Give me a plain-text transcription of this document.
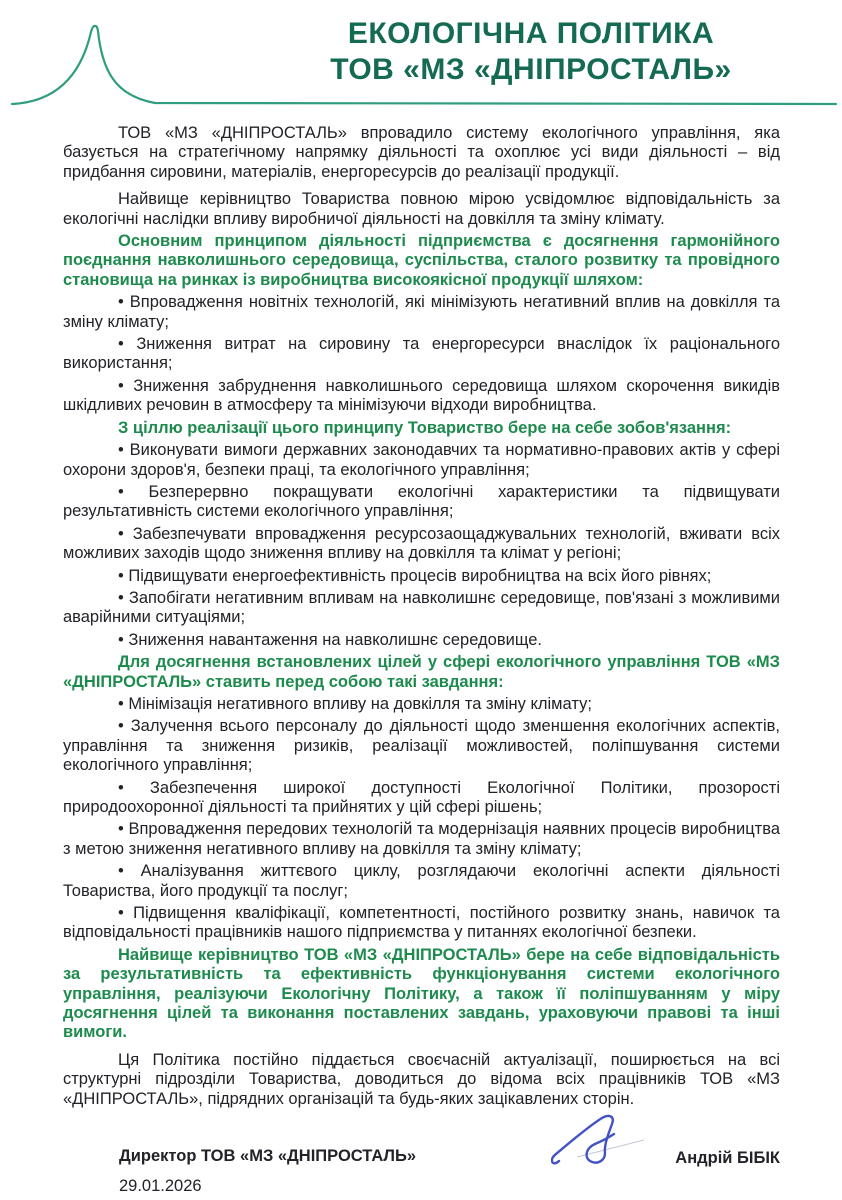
ЕКОЛОГІЧНА ПОЛІТИКА
ТОВ «МЗ «ДНІПРОСТАЛЬ»

ТОВ «МЗ «ДНІПРОСТАЛЬ» впровадило систему екологічного управління, яка базується на стратегічному напрямку діяльності та охоплює усі види діяльності – від придбання сировини, матеріалів, енергоресурсів до реалізації продукції.

Найвище керівництво Товариства повною мірою усвідомлює відповідальність за екологічні наслідки впливу виробничої діяльності на довкілля та зміну клімату.

Основним принципом діяльності підприємства є досягнення гармонійного поєднання навколишнього середовища, суспільства, сталого розвитку та провідного становища на ринках із виробництва високоякісної продукції шляхом:

• Впровадження новітніх технологій, які мінімізують негативний вплив на довкілля та зміну клімату;

• Зниження витрат на сировину та енергоресурси внаслідок їх раціонального використання;

• Зниження забруднення навколишнього середовища шляхом скорочення викидів шкідливих речовин в атмосферу та мінімізуючи відходи виробництва.

З ціллю реалізації цього принципу Товариство бере на себе зобов'язання:

• Виконувати вимоги державних законодавчих та нормативно-правових актів у сфері охорони здоров'я, безпеки праці, та екологічного управління;

• Безперервно покращувати екологічні характеристики та підвищувати результативність системи екологічного управління;

• Забезпечувати впровадження ресурсозаощаджувальних технологій, вживати всіх можливих заходів щодо зниження впливу на довкілля та клімат у регіоні;

• Підвищувати енергоефективність процесів виробництва на всіх його рівнях;

• Запобігати негативним впливам на навколишнє середовище, пов'язані з можливими аварійними ситуаціями;

• Зниження навантаження на навколишнє середовище.

Для досягнення встановлених цілей у сфері екологічного управління ТОВ «МЗ «ДНІПРОСТАЛЬ» ставить перед собою такі завдання:

• Мінімізація негативного впливу на довкілля та зміну клімату;

• Залучення всього персоналу до діяльності щодо зменшення екологічних аспектів, управління та зниження ризиків, реалізації можливостей, поліпшування системи екологічного управління;

• Забезпечення широкої доступності Екологічної Політики, прозорості природоохоронної діяльності та прийнятих у цій сфері рішень;

• Впровадження передових технологій та модернізація наявних процесів виробництва з метою зниження негативного впливу на довкілля та зміну клімату;

• Аналізування життєвого циклу, розглядаючи екологічні аспекти діяльності Товариства, його продукції та послуг;

• Підвищення кваліфікації, компетентності, постійного розвитку знань, навичок та відповідальності працівників нашого підприємства у питаннях екологічної безпеки.

Найвище керівництво ТОВ «МЗ «ДНІПРОСТАЛЬ» бере на себе відповідальність за результативність та ефективність функціонування системи екологічного управління, реалізуючи Екологічну Політику, а також її поліпшуванням у міру досягнення цілей та виконання поставлених завдань, ураховуючи правові та інші вимоги.

Ця Політика постійно піддається своєчасній актуалізації, поширюється на всі структурні підрозділи Товариства, доводиться до відома всіх працівників ТОВ «МЗ «ДНІПРОСТАЛЬ», підрядних організацій та будь-яких зацікавлених сторін.

Директор ТОВ «МЗ «ДНІПРОСТАЛЬ»	Андрій БІБІК
29.01.2026
